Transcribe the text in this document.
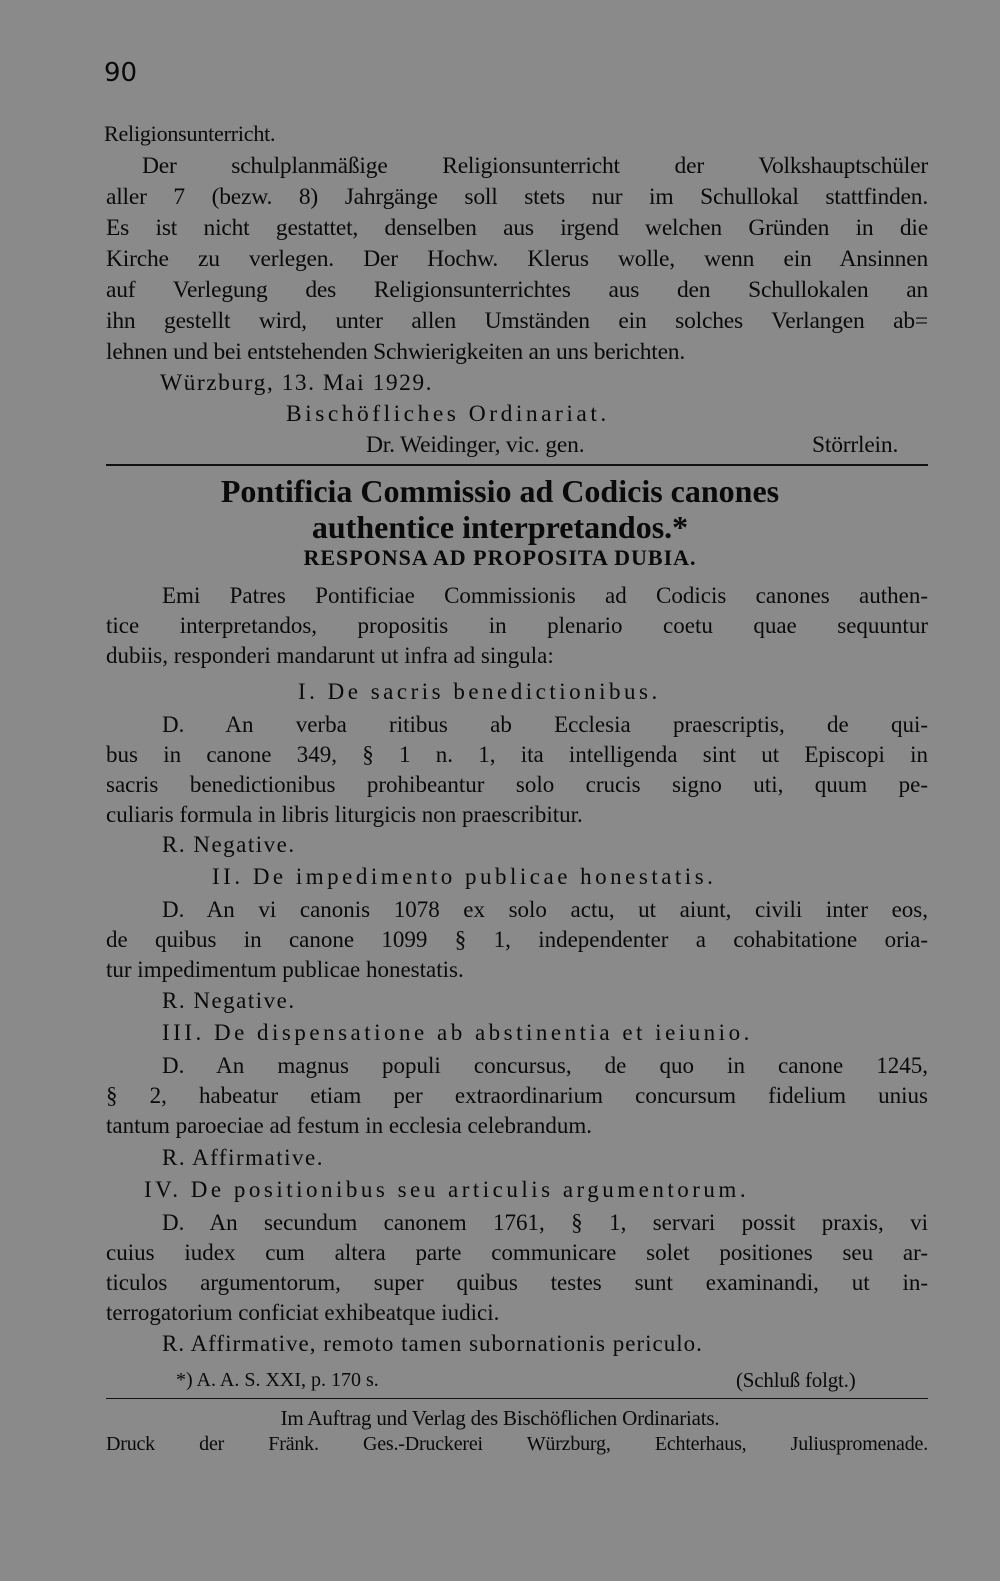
90
Religionsunterricht.
Der schulplanmäßige Religionsunterricht der Volkshauptschüler
aller 7 (bezw. 8) Jahrgänge soll stets nur im Schullokal stattfinden.
Es ist nicht gestattet, denselben aus irgend welchen Gründen in die
Kirche zu verlegen. Der Hochw. Klerus wolle, wenn ein Ansinnen
auf Verlegung des Religionsunterrichtes aus den Schullokalen an
ihn gestellt wird, unter allen Umständen ein solches Verlangen ab=
lehnen und bei entstehenden Schwierigkeiten an uns berichten.
Würzburg, 13. Mai 1929.
Bischöfliches Ordinariat.
Dr. Weidinger, vic. gen.	Störrlein.
Pontificia Commissio ad Codicis canones
authentice interpretandos.*
RESPONSA AD PROPOSITA DUBIA.
Emi Patres Pontificiae Commissionis ad Codicis canones authen-
tice interpretandos, propositis in plenario coetu quae sequuntur
dubiis, responderi mandarunt ut infra ad singula:
I. De sacris benedictionibus.
D. An verba ritibus ab Ecclesia praescriptis, de qui-
bus in canone 349, § 1 n. 1, ita intelligenda sint ut Episcopi in
sacris benedictionibus prohibeantur solo crucis signo uti, quum pe-
culiaris formula in libris liturgicis non praescribitur.
R. Negative.
II. De impedimento publicae honestatis.
D. An vi canonis 1078 ex solo actu, ut aiunt, civili inter eos,
de quibus in canone 1099 § 1, independenter a cohabitatione oria-
tur impedimentum publicae honestatis.
R. Negative.
III. De dispensatione ab abstinentia et ieiunio.
D. An magnus populi concursus, de quo in canone 1245,
§ 2, habeatur etiam per extraordinarium concursum fidelium unius
tantum paroeciae ad festum in ecclesia celebrandum.
R. Affirmative.
IV. De positionibus seu articulis argumentorum.
D. An secundum canonem 1761, § 1, servari possit praxis, vi
cuius iudex cum altera parte communicare solet positiones seu ar-
ticulos argumentorum, super quibus testes sunt examinandi, ut in-
terrogatorium conficiat exhibeatque iudici.
R. Affirmative, remoto tamen subornationis periculo.
*) A. A. S. XXI, p. 170 s.	(Schluß folgt.)
Im Auftrag und Verlag des Bischöflichen Ordinariats.
Druck der Fränk. Ges.-Druckerei Würzburg, Echterhaus, Juliuspromenade.
